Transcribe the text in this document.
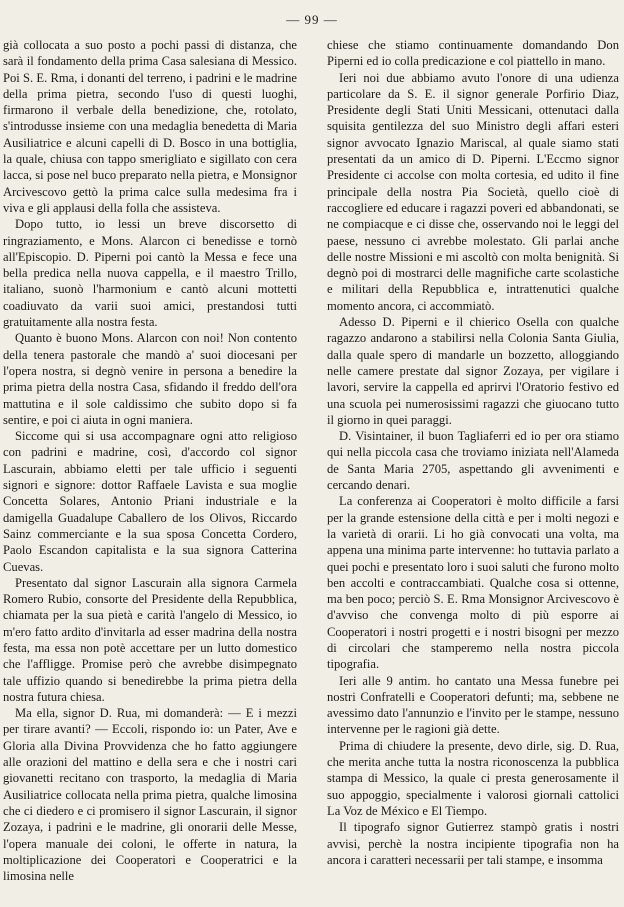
— 99 —

già collocata a suo posto a pochi passi di distanza, che sarà il fondamento della prima Casa salesiana di Messico. Poi S. E. Rma, i donanti del terreno, i padrini e le madrine della prima pietra, secondo l'uso di questi luoghi, firmarono il verbale della benedizione, che, rotolato, s'introdusse insieme con una medaglia benedetta di Maria Ausiliatrice e alcuni capelli di D. Bosco in una bottiglia, la quale, chiusa con tappo smerigliato e sigillato con cera lacca, si pose nel buco preparato nella pietra, e Monsignor Arcivescovo gettò la prima calce sulla medesima fra i viva e gli applausi della folla che assisteva.

Dopo tutto, io lessi un breve discorsetto di ringraziamento, e Mons. Alarcon ci benedisse e tornò all'Episcopio. D. Piperni poi cantò la Messa e fece una bella predica nella nuova cappella, e il maestro Trillo, italiano, suonò l'harmonium e cantò alcuni mottetti coadiuvato da varii suoi amici, prestandosi tutti gratuitamente alla nostra festa.

Quanto è buono Mons. Alarcon con noi! Non contento della tenera pastorale che mandò a' suoi diocesani per l'opera nostra, si degnò venire in persona a benedire la prima pietra della nostra Casa, sfidando il freddo dell'ora mattutina e il sole caldissimo che subito dopo si fa sentire, e poi ci aiuta in ogni maniera.

Siccome qui si usa accompagnare ogni atto religioso con padrini e madrine, così, d'accordo col signor Lascurain, abbiamo eletti per tale ufficio i seguenti signori e signore: dottor Raffaele Lavista e sua moglie Concetta Solares, Antonio Priani industriale e la damigella Guadalupe Caballero de los Olivos, Riccardo Sainz commerciante e la sua sposa Concetta Cordero, Paolo Escandon capitalista e la sua signora Catterina Cuevas.

Presentato dal signor Lascurain alla signora Carmela Romero Rubio, consorte del Presidente della Repubblica, chiamata per la sua pietà e carità l'angelo di Messico, io m'ero fatto ardito d'invitarla ad esser madrina della nostra festa, ma essa non potè accettare per un lutto domestico che l'affligge. Promise però che avrebbe disimpegnato tale uffizio quando si benedirebbe la prima pietra della nostra futura chiesa.

Ma ella, signor D. Rua, mi domanderà: — E i mezzi per tirare avanti? — Eccoli, rispondo io: un Pater, Ave e Gloria alla Divina Provvidenza che ho fatto aggiungere alle orazioni del mattino e della sera e che i nostri cari giovanetti recitano con trasporto, la medaglia di Maria Ausiliatrice collocata nella prima pietra, qualche limosina che ci diedero e ci promisero il signor Lascurain, il signor Zozaya, i padrini e le madrine, gli onorarii delle Messe, l'opera manuale dei coloni, le offerte in natura, la moltiplicazione dei Cooperatori e Cooperatrici e la limosina nelle

chiese che stiamo continuamente domandando Don Piperni ed io colla predicazione e col piattello in mano.

Ieri noi due abbiamo avuto l'onore di una udienza particolare da S. E. il signor generale Porfirio Diaz, Presidente degli Stati Uniti Messicani, ottenutaci dalla squisita gentilezza del suo Ministro degli affari esteri signor avvocato Ignazio Mariscal, al quale siamo stati presentati da un amico di D. Piperni. L'Eccmo signor Presidente ci accolse con molta cortesia, ed udito il fine principale della nostra Pia Società, quello cioè di raccogliere ed educare i ragazzi poveri ed abbandonati, se ne compiacque e ci disse che, osservando noi le leggi del paese, nessuno ci avrebbe molestato. Gli parlai anche delle nostre Missioni e mi ascoltò con molta benignità. Si degnò poi di mostrarci delle magnifiche carte scolastiche e militari della Repubblica e, intrattenutici qualche momento ancora, ci accommiatò.

Adesso D. Piperni e il chierico Osella con qualche ragazzo andarono a stabilirsi nella Colonia Santa Giulia, dalla quale spero di mandarle un bozzetto, alloggiando nelle camere prestate dal signor Zozaya, per vigilare i lavori, servire la cappella ed aprirvi l'Oratorio festivo ed una scuola pei numerosissimi ragazzi che giuocano tutto il giorno in quei paraggi.

D. Visintainer, il buon Tagliaferri ed io per ora stiamo qui nella piccola casa che troviamo iniziata nell'Alameda de Santa Maria 2705, aspettando gli avvenimenti e cercando denari.

La conferenza ai Cooperatori è molto difficile a farsi per la grande estensione della città e per i molti negozi e la varietà di orarii. Li ho già convocati una volta, ma appena una minima parte intervenne: ho tuttavia parlato a quei pochi e presentato loro i suoi saluti che furono molto ben accolti e contraccambiati. Qualche cosa si ottenne, ma ben poco; perciò S. E. Rma Monsignor Arcivescovo è d'avviso che convenga molto di più esporre ai Cooperatori i nostri progetti e i nostri bisogni per mezzo di circolari che stamperemo nella nostra piccola tipografia.

Ieri alle 9 antim. ho cantato una Messa funebre pei nostri Confratelli e Cooperatori defunti; ma, sebbene ne avessimo dato l'annunzio e l'invito per le stampe, nessuno intervenne per le ragioni già dette.

Prima di chiudere la presente, devo dirle, sig. D. Rua, che merita anche tutta la nostra riconoscenza la pubblica stampa di Messico, la quale ci presta generosamente il suo appoggio, specialmente i valorosi giornali cattolici La Voz de México e El Tiempo.

Il tipografo signor Gutierrez stampò gratis i nostri avvisi, perchè la nostra incipiente tipografia non ha ancora i caratteri necessarii per tali stampe, e insomma
